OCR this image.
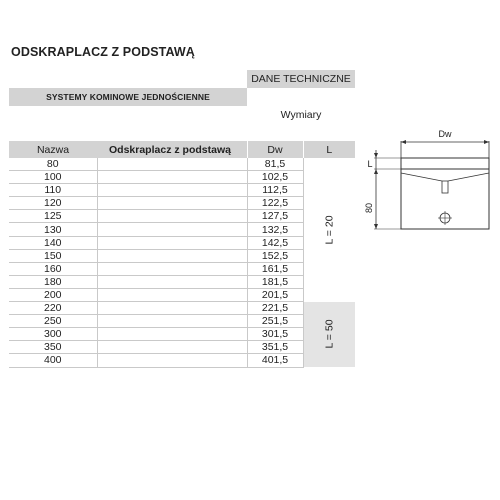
ODSKRAPLACZ Z PODSTAWĄ
		DANE TECHNICZNE	
SYSTEMY KOMINOWE JEDNOŚCIENNE		Wymiary	

Nazwa	Odskraplacz z podstawą	Dw	L
80		81,5	L = 20
100		102,5	
110		112,5	
120		122,5	
125		127,5	
130		132,5	
140		142,5	
150		152,5	
160		161,5	
180		181,5	
200		201,5	
220		221,5	L = 50
250		251,5	
300		301,5	
350		351,5	
400		401,5	
Dw
L
80
